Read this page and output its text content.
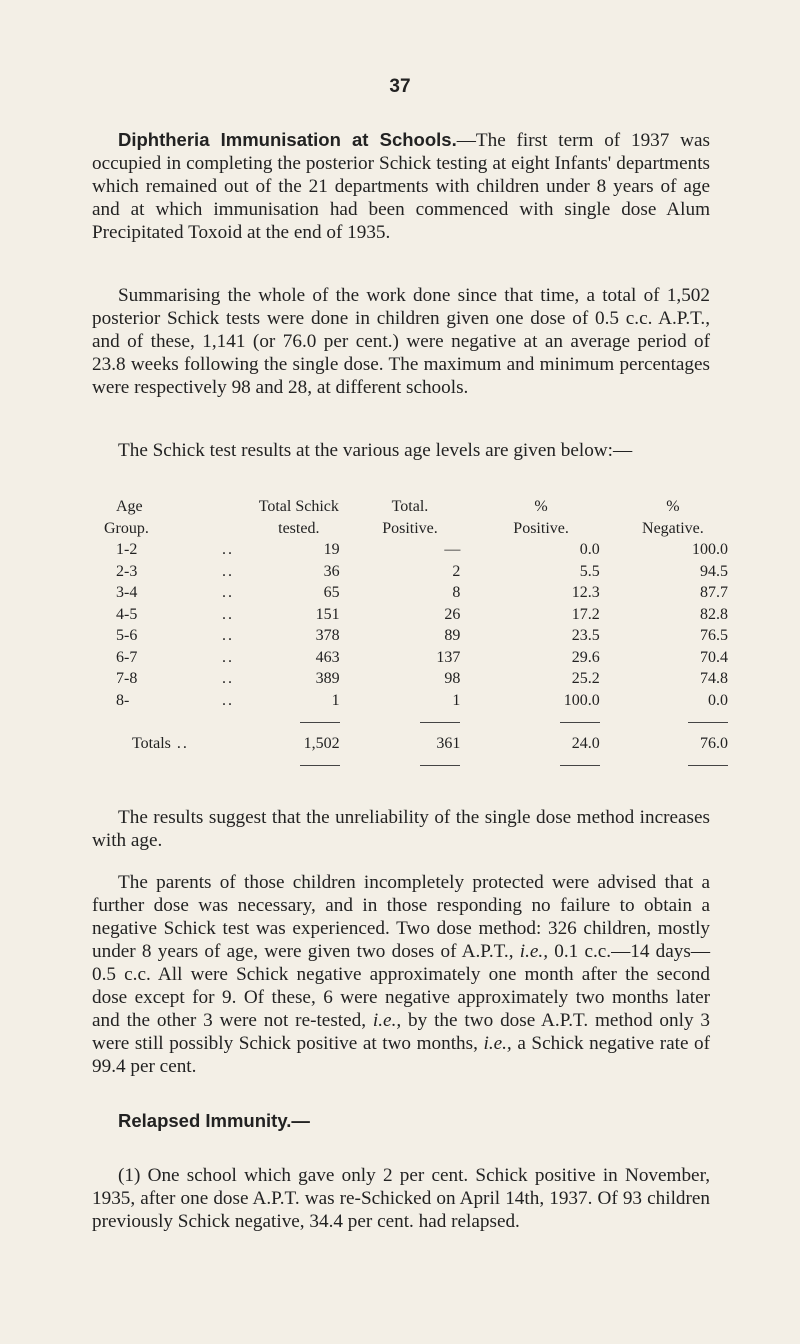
37

Diphtheria Immunisation at Schools.—The first term of 1937 was occupied in completing the posterior Schick testing at eight Infants' departments which remained out of the 21 departments with children under 8 years of age and at which immunisation had been commenced with single dose Alum Precipitated Toxoid at the end of 1935.

Summarising the whole of the work done since that time, a total of 1,502 posterior Schick tests were done in children given one dose of 0.5 c.c. A.P.T., and of these, 1,141 (or 76.0 per cent.) were negative at an average period of 23.8 weeks following the single dose. The maximum and minimum percentages were respectively 98 and 28, at different schools.

The Schick test results at the various age levels are given below:—

Age	Total Schick	Total.	%	%
Group.	tested.	Positive.	Positive.	Negative.
1-2 ..	19	—	0.0	100.0
2-3 ..	36	2	5.5	94.5
3-4 ..	65	8	12.3	87.7
4-5 ..	151	26	17.2	82.8
5-6 ..	378	89	23.5	76.5
6-7 ..	463	137	29.6	70.4
7-8 ..	389	98	25.2	74.8
8- ..	1	1	100.0	0.0

Totals ..	1,502	361	24.0	76.0

The results suggest that the unreliability of the single dose method increases with age.

The parents of those children incompletely protected were advised that a further dose was necessary, and in those responding no failure to obtain a negative Schick test was experienced. Two dose method: 326 children, mostly under 8 years of age, were given two doses of A.P.T., i.e., 0.1 c.c.—14 days—0.5 c.c. All were Schick negative approximately one month after the second dose except for 9. Of these, 6 were negative approximately two months later and the other 3 were not re-tested, i.e., by the two dose A.P.T. method only 3 were still possibly Schick positive at two months, i.e., a Schick negative rate of 99.4 per cent.

Relapsed Immunity.—

(1) One school which gave only 2 per cent. Schick positive in November, 1935, after one dose A.P.T. was re-Schicked on April 14th, 1937. Of 93 children previously Schick negative, 34.4 per cent. had relapsed.
